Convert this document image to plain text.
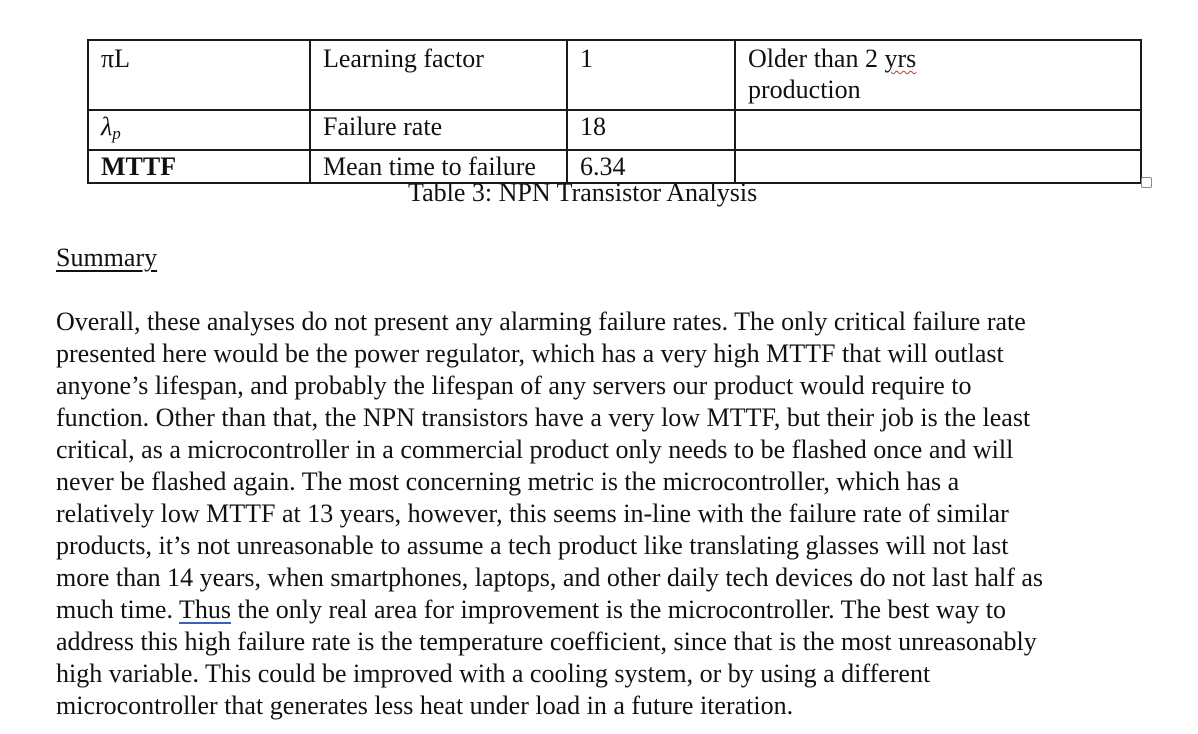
πL	Learning factor	1	Older than 2 yrs
production
$\lambda_p$	Failure rate	18	
MTTF	Mean time to failure	6.34	
Table 3: NPN Transistor Analysis
Summary

Overall, these analyses do not present any alarming failure rates. The only critical failure rate
presented here would be the power regulator, which has a very high MTTF that will outlast
anyone’s lifespan, and probably the lifespan of any servers our product would require to
function. Other than that, the NPN transistors have a very low MTTF, but their job is the least
critical, as a microcontroller in a commercial product only needs to be flashed once and will
never be flashed again. The most concerning metric is the microcontroller, which has a
relatively low MTTF at 13 years, however, this seems in-line with the failure rate of similar
products, it’s not unreasonable to assume a tech product like translating glasses will not last
more than 14 years, when smartphones, laptops, and other daily tech devices do not last half as
much time. Thus the only real area for improvement is the microcontroller. The best way to
address this high failure rate is the temperature coefficient, since that is the most unreasonably
high variable. This could be improved with a cooling system, or by using a different
microcontroller that generates less heat under load in a future iteration.
